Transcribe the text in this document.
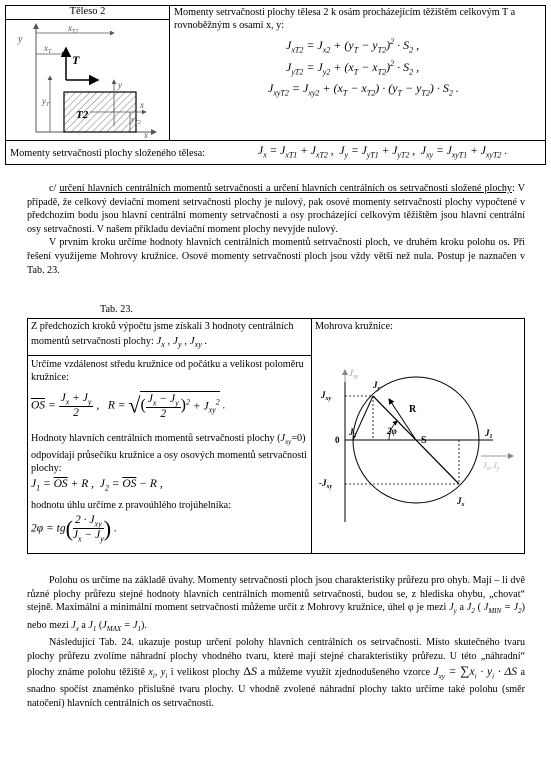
Těleso 2
y
$x_{T2}$
$x_T$
T
$y_T$
T2	$y_{T2}$
y
x
x
Momenty setrvačnosti plochy tělesa 2 k osám procházejícím těžištěm celkovým T a rovnoběžným s osami x, y:
$J_{xT2} = J_{x2} + (y_T - y_{T2})^2 \cdot S_2$ ,
$J_{yT2} = J_{y2} + (x_T - x_{T2})^2 \cdot S_2$ ,
$J_{xyT2} = J_{xy2} + (x_T - x_{T2}) \cdot (y_T - y_{T2}) \cdot S_2$ .
Momenty setrvačnosti plochy složeného tělesa:	$J_x = J_{xT1} + J_{xT2}$ ,  $J_y = J_{yT1} + J_{yT2}$ ,  $J_{xy} = J_{xyT1} + J_{xyT2}$ .

c/ určení hlavních centrálních momentů setrvačnosti a určení hlavních centrálních os setrvačnosti složené plochy: V případě, že celkový deviační moment setrvačnosti plochy je nulový, pak osové momenty setrvačnosti plochy vypočtené v předchozím bodu jsou hlavní centrální momenty setrvačnosti a osy procházející celkovým těžištěm jsou hlavní centrální osy setrvačnosti. V našem příkladu deviační moment plochy nevyjde nulový.

V prvním kroku určíme hodnoty hlavních centrálních momentů setrvačnosti ploch, ve druhém kroku polohu os. Při řešení využijeme Mohrovy kružnice. Osové momenty setrvačnosti ploch jsou vždy větší než nula. Postup je naznačen v Tab. 23.

Tab. 23.
Z předchozích kroků výpočtu jsme získali 3 hodnoty centrálních momentů setrvačnosti plochy: $J_x$ , $J_y$ , $J_{xy}$ .
Mohrova kružnice:
Určíme vzdálenost středu kružnice od počátku a velikost poloměru kružnice:
$\overline{OS} = \frac{J_x + J_y}{2}$ ,   R = √( $\frac{J_x - J_y}{2} )^2 + J_{xy}^2$ .
Hodnoty hlavních centrálních momentů setrvačnosti plochy $(J_{xy}=0)$ odpovídají průsečíku kružnice a osy osových momentů setrvačnosti plochy:
$J_1 = \overline{OS} + R$ ,  $J_2 = \overline{OS} - R$ ,
hodnotu úhlu určíme z pravoúhlého trojúhelníka:
2φ = tg( $2 \cdot J_{xy}$
$J_x - J_y$ ) .
$J_{xy}$
$J_{xy}$
$J_y$
R
2φ
0
$J_2$	S
$J_1$
$J_x$, $J_y$
$-J_{xy}$
$J_x$

Polohu os určíme na základě úvahy. Momenty setrvačnosti ploch jsou charakteristiky průřezu pro ohyb. Mají – li dvě různé plochy průřezu stejné hodnoty hlavních centrálních momentů setrvačnosti, budou se, z hlediska ohybu, „chovat“ stejně. Maximální a minimální moment setrvačnosti můžeme určit z Mohrovy kružnice, úhel φ je mezi $J_y$ a $J_2$ ( $J_{MIN} = J_2$) nebo mezi $J_x$ a $J_1$ $(J_{MAX} = J_1)$.

Následující Tab. 24. ukazuje postup určení polohy hlavních centrálních os setrvačnosti. Místo skutečného tvaru plochy průřezu zvolíme náhradní plochy vhodného tvaru, které mají stejné charakteristiky průřezu. U této „náhradní“ plochy známe polohu těžiště $x_i$, $y_i$ i velikost plochy ΔS a můžeme využít zjednodušeného vzorce $J_{xy} = \sum x_i \cdot y_i \cdot \Delta S$ a snadno spočíst znaménko příslušné tvaru plochy. U vhodně zvolené náhradní plochy takto určíme také polohu (směr natočení) hlavních centrálních os setrvačnosti.
